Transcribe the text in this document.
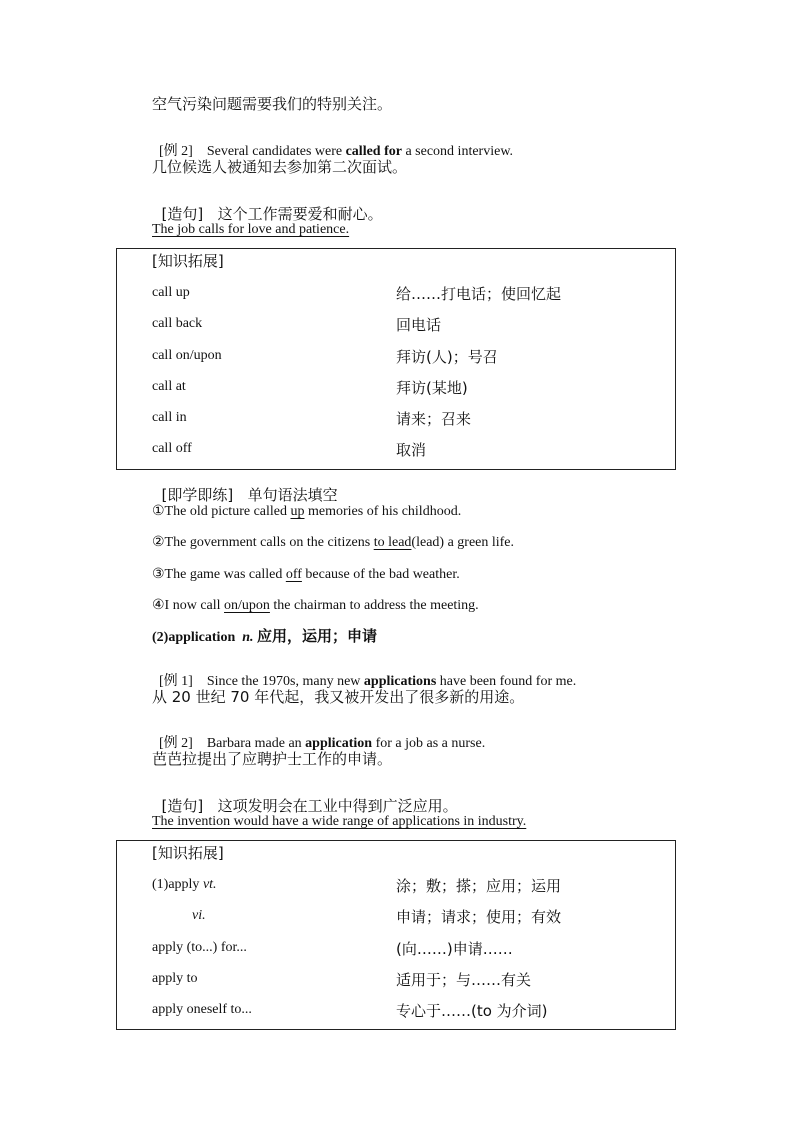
空气污染问题需要我们的特别关注。

[例 2] Several candidates were called for a second interview.

几位候选人被通知去参加第二次面试。

[造句] 这个工作需要爱和耐心。

The job calls for love and patience.
[知识拓展]
call up	给……打电话；使回忆起
call back	回电话
call on/upon	拜访(人)；号召
call at	拜访(某地)
call in	请来；召来
call off	取消

[即学即练] 单句语法填空

①The old picture called up memories of his childhood.
②The government calls on the citizens to lead(lead) a green life.
③The game was called off because of the bad weather.
④I now call on/upon the chairman to address the meeting.
(2)application n. 应用，运用；申请

[例 1] Since the 1970s, many new applications have been found for me.

从 20 世纪 70 年代起，我又被开发出了很多新的用途。

[例 2] Barbara made an application for a job as a nurse.

芭芭拉提出了应聘护士工作的申请。

[造句] 这项发明会在工业中得到广泛应用。

The invention would have a wide range of applications in industry.
[知识拓展]
(1)apply vt.	涂；敷；搽；应用；运用
vi.	申请；请求；使用；有效
apply (to...) for...	(向……)申请……
apply to	适用于；与……有关
apply oneself to...	专心于……(to 为介词)
